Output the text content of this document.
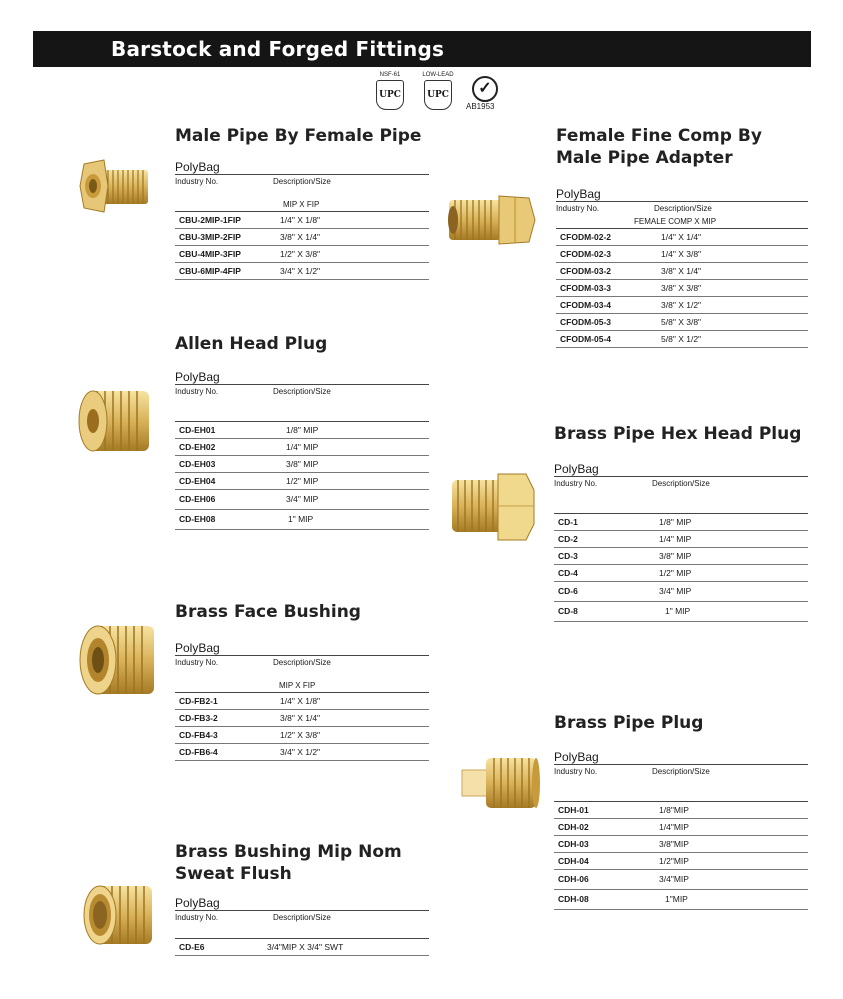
Barstock and Forged Fittings
NSF-61
UPC
LOW-LEAD
UPC	✓
AB1953
Male Pipe By Female Pipe
PolyBag
Industry No.	Description/Size
MIP X FIP
CBU-2MIP-1FIP	1/4" X 1/8"
CBU-3MIP-2FIP	3/8" X 1/4"
CBU-4MIP-3FIP	1/2" X 3/8"
CBU-6MIP-4FIP	3/4" X 1/2"
Female Fine Comp By
Male Pipe Adapter
PolyBag
Industry No.	Description/Size
FEMALE COMP X MIP
CFODM-02-2	1/4" X 1/4"
CFODM-02-3	1/4" X 3/8"
CFODM-03-2	3/8" X 1/4"
CFODM-03-3	3/8" X 3/8"
CFODM-03-4	3/8" X 1/2"
CFODM-05-3	5/8" X 3/8"
CFODM-05-4	5/8" X 1/2"
Allen Head Plug
PolyBag
Industry No.	Description/Size
CD-EH01	1/8" MIP
CD-EH02	1/4" MIP
CD-EH03	3/8" MIP
CD-EH04	1/2" MIP
CD-EH06	3/4" MIP
CD-EH08	1" MIP
Brass Pipe Hex Head Plug
PolyBag
Industry No.	Description/Size
CD-1	1/8" MIP
CD-2	1/4" MIP
CD-3	3/8" MIP
CD-4	1/2" MIP
CD-6	3/4" MIP
CD-8	1" MIP
Brass Face Bushing
PolyBag
Industry No.	Description/Size
MIP X FIP
CD-FB2-1	1/4" X 1/8"
CD-FB3-2	3/8" X 1/4"
CD-FB4-3	1/2" X 3/8"
CD-FB6-4	3/4" X 1/2"
Brass Pipe Plug
PolyBag
Industry No.	Description/Size
CDH-01	1/8"MIP
CDH-02	1/4"MIP
CDH-03	3/8"MIP
CDH-04	1/2"MIP
CDH-06	3/4"MIP
CDH-08	1"MIP
Brass Bushing Mip Nom
Sweat Flush
PolyBag
Industry No.	Description/Size
CD-E6	3/4"MIP X 3/4" SWT
